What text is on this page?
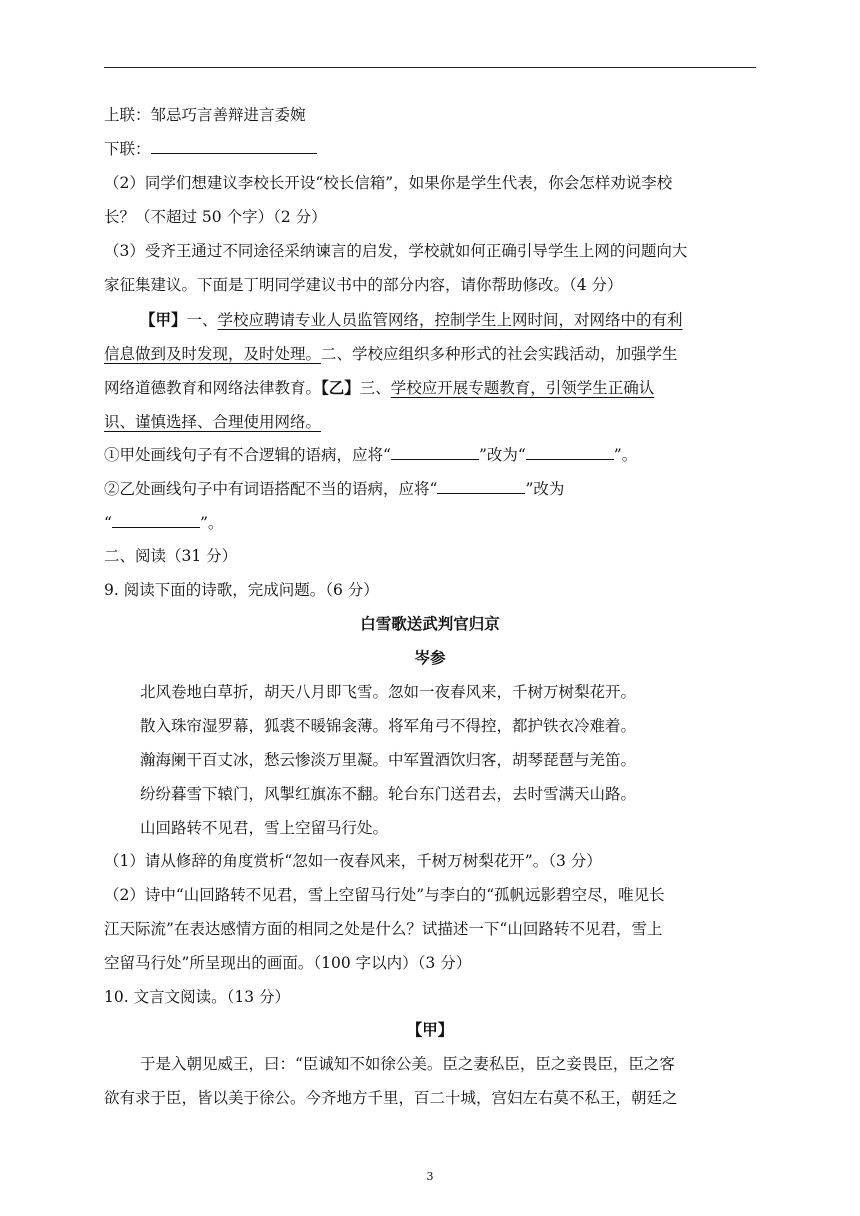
上联：邹忌巧言善辩进言委婉
下联：
（2）同学们想建议李校长开设“校长信箱”，如果你是学生代表，你会怎样劝说李校
长？（不超过 50 个字）（2 分）
（3）受齐王通过不同途径采纳谏言的启发，学校就如何正确引导学生上网的问题向大
家征集建议。下面是丁明同学建议书中的部分内容，请你帮助修改。（4 分）
【甲】一、学校应聘请专业人员监管网络，控制学生上网时间，对网络中的有利
信息做到及时发现，及时处理。二、学校应组织多种形式的社会实践活动，加强学生
网络道德教育和网络法律教育。【乙】三、学校应开展专题教育，引领学生正确认
识、谨慎选择、合理使用网络。
①甲处画线句子有不合逻辑的语病，应将“	”改为“	”。
②乙处画线句子中有词语搭配不当的语病，应将“	”改为
“	”。
二、阅读（31 分）
9. 阅读下面的诗歌，完成问题。（6 分）
白雪歌送武判官归京
岑参
北风卷地白草折，胡天八月即飞雪。忽如一夜春风来，千树万树梨花开。
散入珠帘湿罗幕，狐裘不暖锦衾薄。将军角弓不得控，都护铁衣冷难着。
瀚海阑干百丈冰，愁云惨淡万里凝。中军置酒饮归客，胡琴琵琶与羌笛。
纷纷暮雪下辕门，风掣红旗冻不翻。轮台东门送君去，去时雪满天山路。
山回路转不见君，雪上空留马行处。
（1）请从修辞的角度赏析“忽如一夜春风来，千树万树梨花开”。（3 分）
（2）诗中“山回路转不见君，雪上空留马行处”与李白的“孤帆远影碧空尽，唯见长
江天际流”在表达感情方面的相同之处是什么？试描述一下“山回路转不见君，雪上
空留马行处”所呈现出的画面。（100 字以内）（3 分）
10. 文言文阅读。（13 分）
【甲】
于是入朝见威王，曰：“臣诚知不如徐公美。臣之妻私臣，臣之妾畏臣，臣之客
欲有求于臣，皆以美于徐公。今齐地方千里，百二十城，宫妇左右莫不私王，朝廷之
3
